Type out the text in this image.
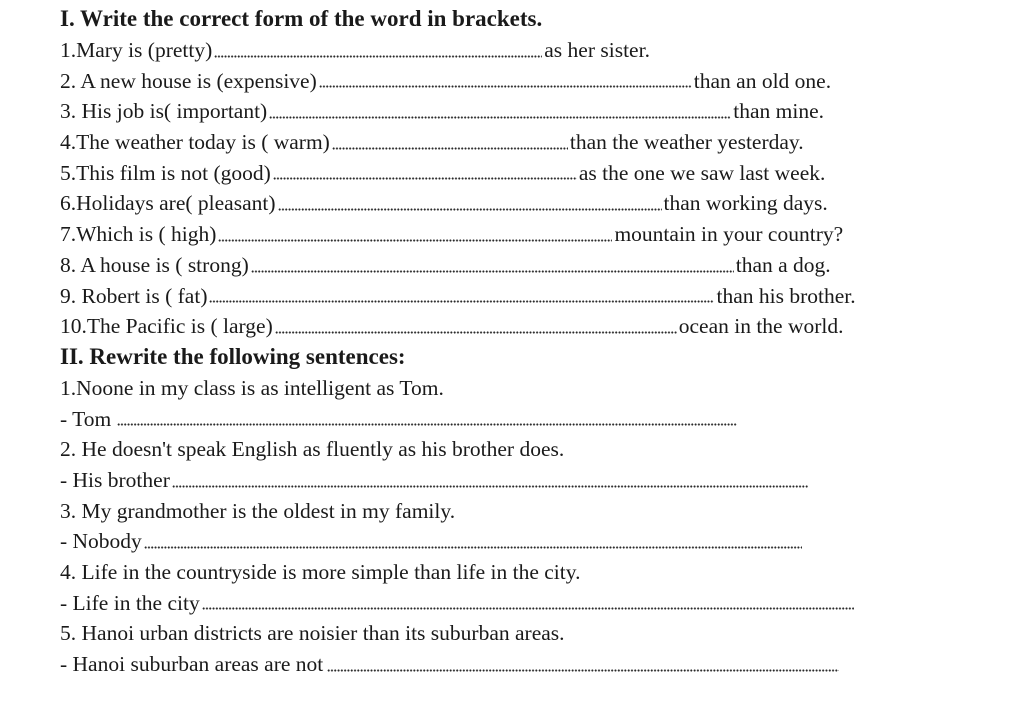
I. Write the correct form of the word in brackets.
1.Mary is (pretty)	as her sister.
2. A new house is (expensive)	than an old one.
3. His job is( important)	than mine.
4.The weather today is ( warm)	than the weather yesterday.
5.This film is not (good)	as the one we saw last week.
6.Holidays are( pleasant)	than working days.
7.Which is ( high)	mountain in your country?
8. A house is ( strong)	than a dog.
9. Robert is ( fat)	than his brother.
10.The Pacific is ( large)	ocean in the world.
II. Rewrite the following sentences:
1.Noone in my class is as intelligent as Tom.
- Tom
2. He doesn't speak English as fluently as his brother does.
- His brother
3. My grandmother is the oldest in my family.
- Nobody
4. Life in the countryside is more simple than life in the city.
- Life in the city
5. Hanoi urban districts are noisier than its suburban areas.
- Hanoi suburban areas are not
